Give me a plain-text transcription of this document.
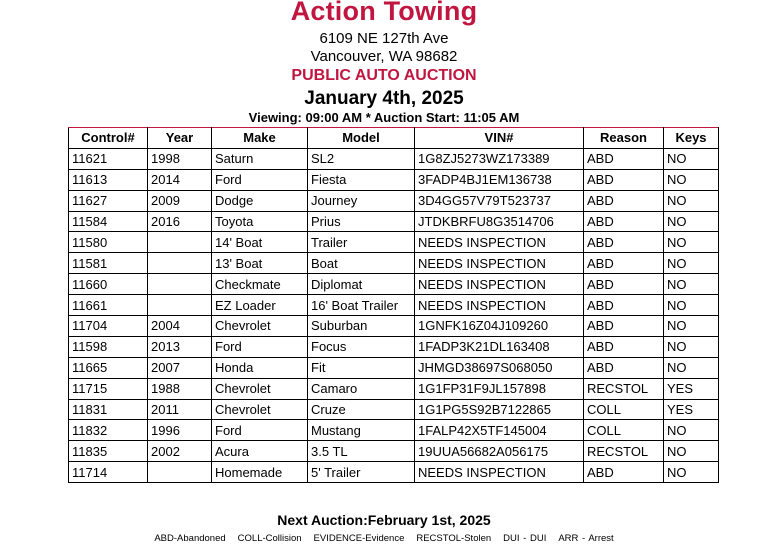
Action Towing
6109 NE 127th Ave
Vancouver, WA 98682
PUBLIC AUTO AUCTION
January 4th, 2025
Viewing: 09:00 AM * Auction Start: 11:05 AM
Control#	Year	Make	Model	VIN#	Reason	Keys
11621	1998	Saturn	SL2	1G8ZJ5273WZ173389	ABD	NO
11613	2014	Ford	Fiesta	3FADP4BJ1EM136738	ABD	NO
11627	2009	Dodge	Journey	3D4GG57V79T523737	ABD	NO
11584	2016	Toyota	Prius	JTDKBRFU8G3514706	ABD	NO
11580		14' Boat	Trailer	NEEDS INSPECTION	ABD	NO
11581		13' Boat	Boat	NEEDS INSPECTION	ABD	NO
11660		Checkmate	Diplomat	NEEDS INSPECTION	ABD	NO
11661		EZ Loader	16' Boat Trailer	NEEDS INSPECTION	ABD	NO
11704	2004	Chevrolet	Suburban	1GNFK16Z04J109260	ABD	NO
11598	2013	Ford	Focus	1FADP3K21DL163408	ABD	NO
11665	2007	Honda	Fit	JHMGD38697S068050	ABD	NO
11715	1988	Chevrolet	Camaro	1G1FP31F9JL157898	RECSTOL	YES
11831	2011	Chevrolet	Cruze	1G1PG5S92B7122865	COLL	YES
11832	1996	Ford	Mustang	1FALP42X5TF145004	COLL	NO
11835	2002	Acura	3.5 TL	19UUA56682A056175	RECSTOL	NO
11714		Homemade	5' Trailer	NEEDS INSPECTION	ABD	NO
Next Auction:February 1st, 2025
ABD-Abandoned COLL-Collision EVIDENCE-Evidence RECSTOL-Stolen DUI - DUI ARR - Arrest
